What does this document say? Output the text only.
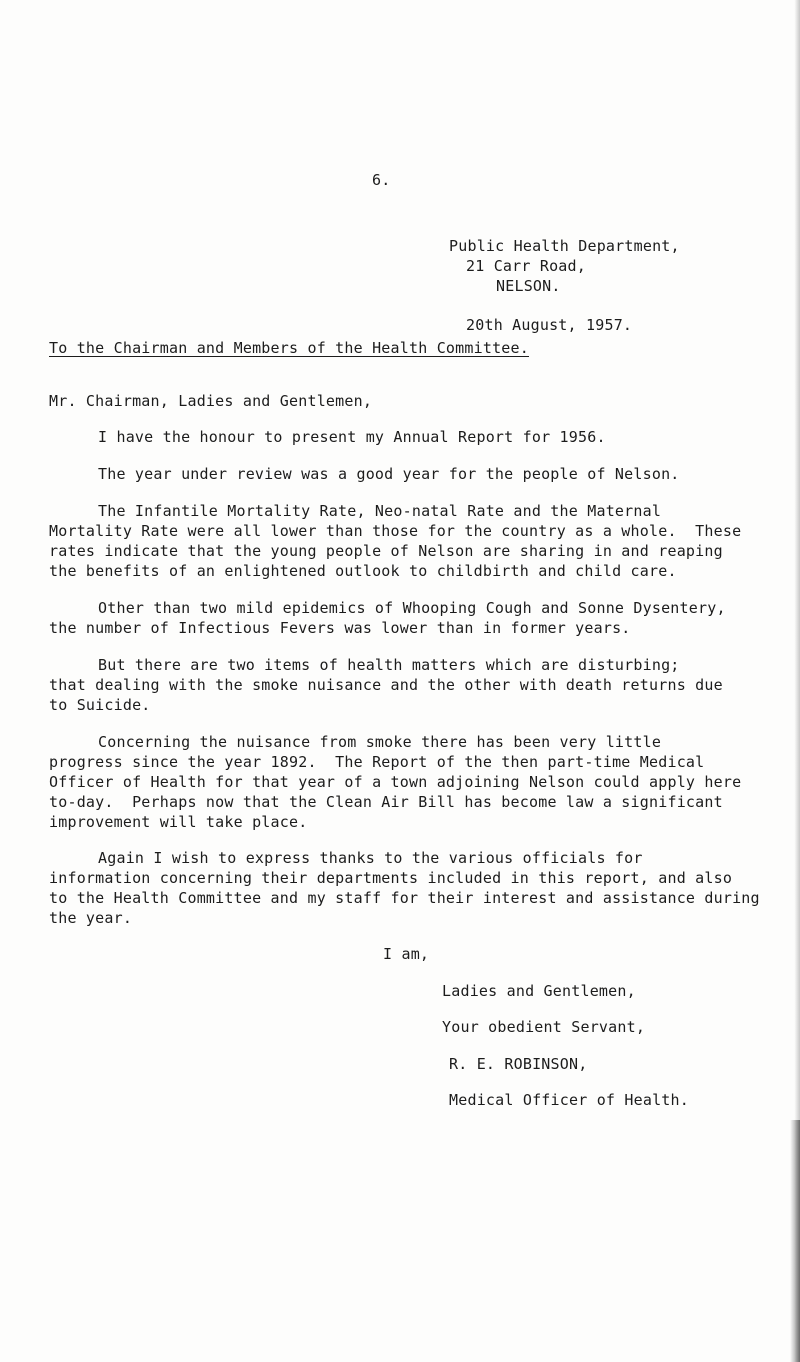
6.
Public Health Department,
21 Carr Road,
NELSON.
20th August, 1957.
To the Chairman and Members of the Health Committee.
Mr. Chairman, Ladies and Gentlemen,
I have the honour to present my Annual Report for 1956.
The year under review was a good year for the people of Nelson.
The Infantile Mortality Rate, Neo-natal Rate and the Maternal
Mortality Rate were all lower than those for the country as a whole.  These
rates indicate that the young people of Nelson are sharing in and reaping
the benefits of an enlightened outlook to childbirth and child care.
Other than two mild epidemics of Whooping Cough and Sonne Dysentery,
the number of Infectious Fevers was lower than in former years.
But there are two items of health matters which are disturbing;
that dealing with the smoke nuisance and the other with death returns due
to Suicide.
Concerning the nuisance from smoke there has been very little
progress since the year 1892.  The Report of the then part-time Medical
Officer of Health for that year of a town adjoining Nelson could apply here
to-day.  Perhaps now that the Clean Air Bill has become law a significant
improvement will take place.
Again I wish to express thanks to the various officials for
information concerning their departments included in this report, and also
to the Health Committee and my staff for their interest and assistance during
the year.
I am,
Ladies and Gentlemen,
Your obedient Servant,
R. E. ROBINSON,
Medical Officer of Health.
